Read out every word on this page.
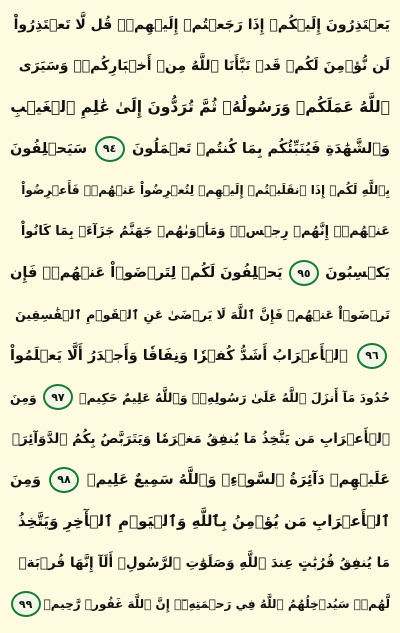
يَعۡتَذِرُونَ إِلَيۡكُمۡ إِذَا رَجَعۡتُمۡ إِلَيۡهِمۡۚ قُل لَّا تَعۡتَذِرُواْ
لَن نُّؤۡمِنَ لَكُمۡ قَدۡ نَبَّأَنَا ٱللَّهُ مِنۡ أَخۡبَارِكُمۡۚ وَسَيَرَى
ٱللَّهُ عَمَلَكُمۡ وَرَسُولُهُۥ ثُمَّ تُرَدُّونَ إِلَىٰ عَٰلِمِ ٱلۡغَيۡبِ
وَٱلشَّهَٰدَةِ فَيُنَبِّئُكُم بِمَا كُنتُمۡ تَعۡمَلُونَ
٩٤
سَيَحۡلِفُونَ
بِٱللَّهِ لَكُمۡ إِذَا ٱنقَلَبۡتُمۡ إِلَيۡهِمۡ لِتُعۡرِضُواْ عَنۡهُمۡۖ فَأَعۡرِضُواْ
عَنۡهُمۡۖ إِنَّهُمۡ رِجۡسٞۖ وَمَأۡوَىٰهُمۡ جَهَنَّمُ جَزَآءَۢ بِمَا كَانُواْ
يَكۡسِبُونَ
٩٥
يَحۡلِفُونَ لَكُمۡ لِتَرۡضَوۡاْ عَنۡهُمۡۖ فَإِن
تَرۡضَوۡاْ عَنۡهُمۡ فَإِنَّ ٱللَّهَ لَا يَرۡضَىٰ عَنِ ٱلۡقَوۡمِ ٱلۡفَٰسِقِينَ
٩٦
ٱلۡأَعۡرَابُ أَشَدُّ كُفۡرٗا وَنِفَاقٗا وَأَجۡدَرُ أَلَّا يَعۡلَمُواْ
حُدُودَ مَآ أَنزَلَ ٱللَّهُ عَلَىٰ رَسُولِهِۦۗ وَٱللَّهُ عَلِيمٌ حَكِيمٞ
٩٧
وَمِنَ
ٱلۡأَعۡرَابِ مَن يَتَّخِذُ مَا يُنفِقُ مَغۡرَمٗا وَيَتَرَبَّصُ بِكُمُ ٱلدَّوَآئِرَۚ
عَلَيۡهِمۡ دَآئِرَةُ ٱلسَّوۡءِۗ وَٱللَّهُ سَمِيعٌ عَلِيمٞ
٩٨
وَمِنَ
ٱلۡأَعۡرَابِ مَن يُؤۡمِنُ بِٱللَّهِ وَٱلۡيَوۡمِ ٱلۡأٓخِرِ وَيَتَّخِذُ
مَا يُنفِقُ قُرُبَٰتٍ عِندَ ٱللَّهِ وَصَلَوَٰتِ ٱلرَّسُولِۚ أَلَآ إِنَّهَا قُرۡبَةٞ
لَّهُمۡۚ سَيُدۡخِلُهُمُ ٱللَّهُ فِي رَحۡمَتِهِۦٓۚ إِنَّ ٱللَّهَ غَفُورٞ رَّحِيمٞ
٩٩
